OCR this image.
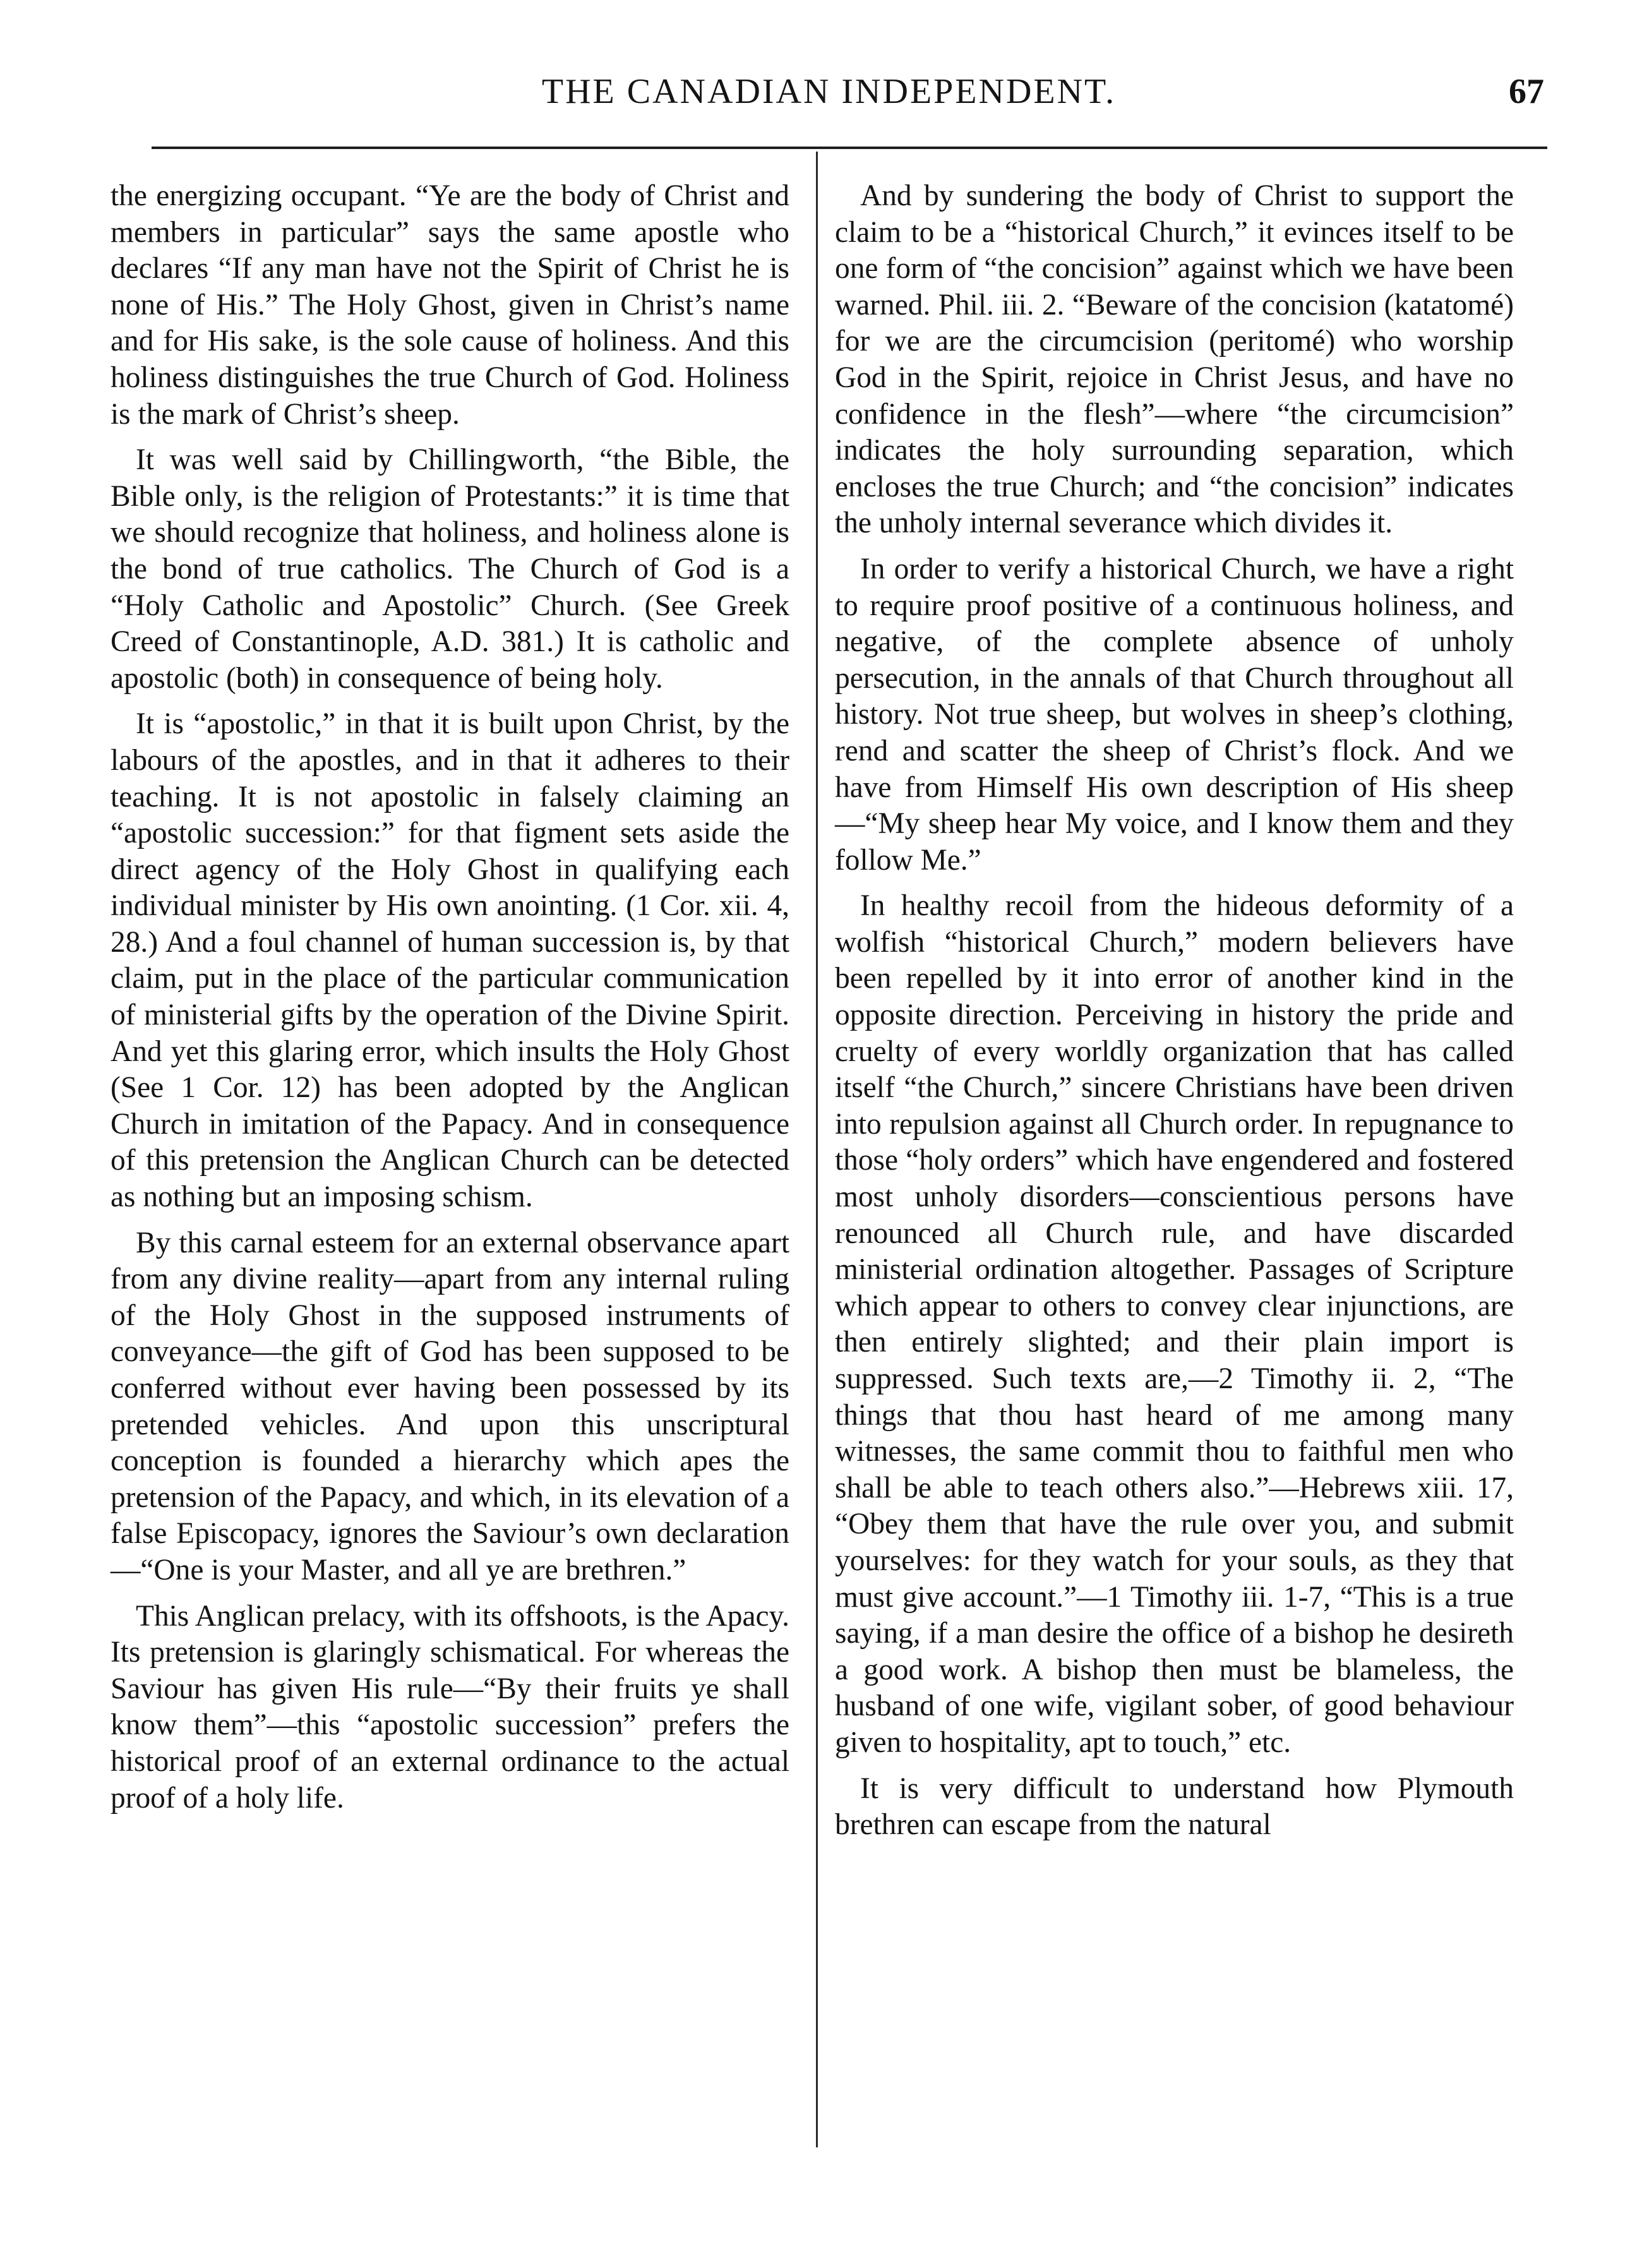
THE CANADIAN INDEPENDENT.	67

the energizing occupant. “Ye are the body of Christ and members in particular” says the same apostle who declares “If any man have not the Spirit of Christ he is none of His.” The Holy Ghost, given in Christ’s name and for His sake, is the sole cause of holiness. And this holiness distinguishes the true Church of God. Holiness is the mark of Christ’s sheep.

It was well said by Chillingworth, “the Bible, the Bible only, is the religion of Protestants:” it is time that we should recognize that holiness, and holiness alone is the bond of true catholics. The Church of God is a “Holy Catholic and Apostolic” Church. (See Greek Creed of Constantinople, A.D. 381.) It is catholic and apostolic (both) in consequence of being holy.

It is “apostolic,” in that it is built upon Christ, by the labours of the apostles, and in that it adheres to their teaching. It is not apostolic in falsely claiming an “apostolic succession:” for that figment sets aside the direct agency of the Holy Ghost in qualifying each individual minister by His own anointing. (1 Cor. xii. 4, 28.) And a foul channel of human succession is, by that claim, put in the place of the particular communication of ministerial gifts by the operation of the Divine Spirit. And yet this glaring error, which insults the Holy Ghost (See 1 Cor. 12) has been adopted by the Anglican Church in imitation of the Papacy. And in consequence of this pretension the Anglican Church can be detected as nothing but an imposing schism.

By this carnal esteem for an external observance apart from any divine reality—apart from any internal ruling of the Holy Ghost in the supposed instruments of conveyance—the gift of God has been supposed to be conferred without ever having been possessed by its pretended vehicles. And upon this unscriptural conception is founded a hierarchy which apes the pretension of the Papacy, and which, in its elevation of a false Episcopacy, ignores the Saviour’s own declaration—“One is your Master, and all ye are brethren.”

This Anglican prelacy, with its offshoots, is the Apacy. Its pretension is glaringly schismatical. For whereas the Saviour has given His rule—“By their fruits ye shall know them”—this “apostolic succession” prefers the historical proof of an external ordinance to the actual proof of a holy life.

And by sundering the body of Christ to support the claim to be a “historical Church,” it evinces itself to be one form of “the concision” against which we have been warned. Phil. iii. 2. “Beware of the concision (katatomé) for we are the circumcision (peritomé) who worship God in the Spirit, rejoice in Christ Jesus, and have no confidence in the flesh”—where “the circumcision” indicates the holy surrounding separation, which encloses the true Church; and “the concision” indicates the unholy internal severance which divides it.

In order to verify a historical Church, we have a right to require proof positive of a continuous holiness, and negative, of the complete absence of unholy persecution, in the annals of that Church throughout all history. Not true sheep, but wolves in sheep’s clothing, rend and scatter the sheep of Christ’s flock. And we have from Himself His own description of His sheep—“My sheep hear My voice, and I know them and they follow Me.”

In healthy recoil from the hideous deformity of a wolfish “historical Church,” modern believers have been repelled by it into error of another kind in the opposite direction. Perceiving in history the pride and cruelty of every worldly organization that has called itself “the Church,” sincere Christians have been driven into repulsion against all Church order. In repugnance to those “holy orders” which have engendered and fostered most unholy disorders—conscientious persons have renounced all Church rule, and have discarded ministerial ordination altogether. Passages of Scripture which appear to others to convey clear injunctions, are then entirely slighted; and their plain import is suppressed. Such texts are,—2 Timothy ii. 2, “The things that thou hast heard of me among many witnesses, the same commit thou to faithful men who shall be able to teach others also.”—Hebrews xiii. 17, “Obey them that have the rule over you, and submit yourselves: for they watch for your souls, as they that must give account.”—1 Timothy iii. 1-7, “This is a true saying, if a man desire the office of a bishop he desireth a good work. A bishop then must be blameless, the husband of one wife, vigilant sober, of good behaviour given to hospitality, apt to touch,” etc.

It is very difficult to understand how Plymouth brethren can escape from the natural
